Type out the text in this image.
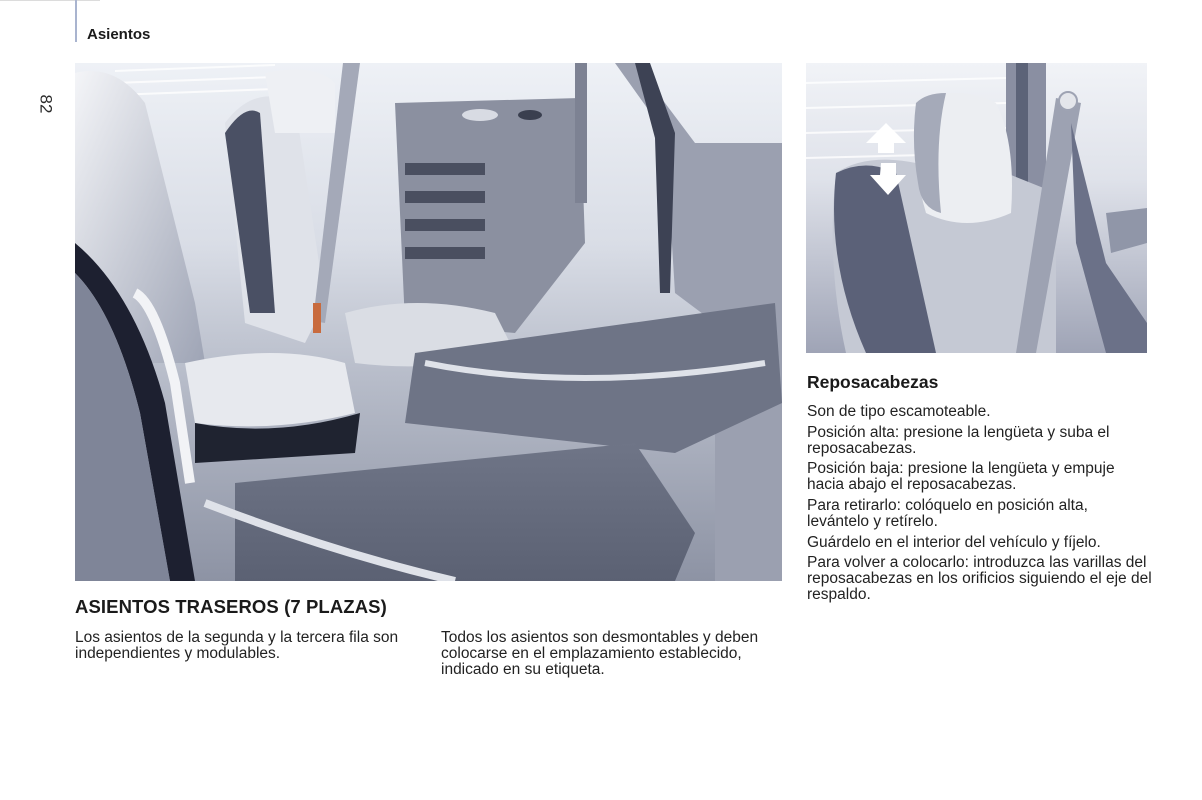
Asientos
82
ASIENTOS TRASEROS (7 PLAZAS)
Los asientos de la segunda y la tercera fila son independientes y modulables.
Todos los asientos son desmontables y deben colocarse en el emplazamiento establecido, indicado en su etiqueta.
Reposacabezas

Son de tipo escamoteable.

Posición alta: presione la lengüeta y suba el reposacabezas.

Posición baja: presione la lengüeta y empuje hacia abajo el reposacabezas.

Para retirarlo: colóquelo en posición alta, levántelo y retírelo.

Guárdelo en el interior del vehículo y fíjelo.

Para volver a colocarlo: introduzca las varillas del reposacabezas en los orificios siguiendo el eje del respaldo.
